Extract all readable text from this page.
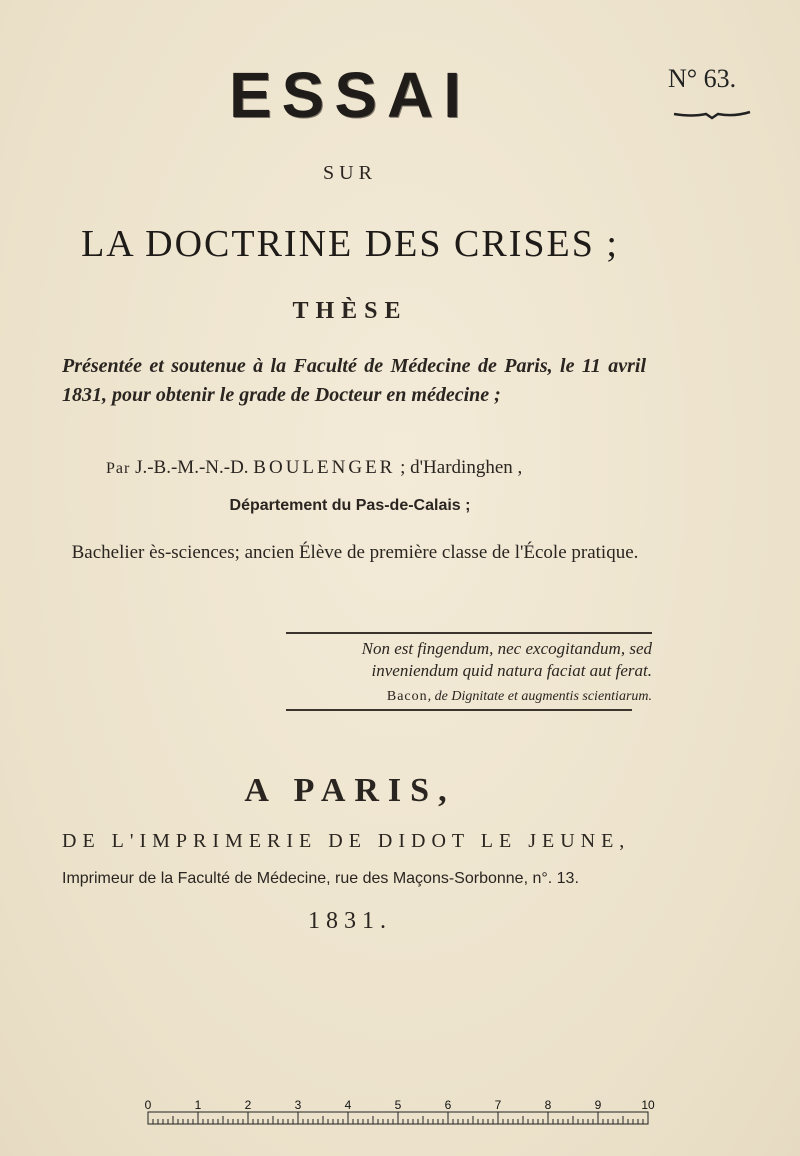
ESSAI	N° 63.
SUR
LA DOCTRINE DES CRISES ;
THÈSE
Présentée et soutenue à la Faculté de Médecine de Paris, le 11 avril 1831, pour obtenir le grade de Docteur en médecine ;
Par J.-B.-M.-N.-D. BOULENGER ; d'Hardinghen ,
Département du Pas-de-Calais ;
Bachelier ès-sciences; ancien Élève de première classe de l'École pratique.
Non est fingendum, nec excogitandum, sed inveniendum quid natura faciat aut ferat.
Bacon, de Dignitate et augmentis scientiarum.
A PARIS,
DE L'IMPRIMERIE DE DIDOT LE JEUNE,
Imprimeur de la Faculté de Médecine, rue des Maçons-Sorbonne, n°. 13.
1831.
0	1	2	3	4	5	6	7	8	9	10
